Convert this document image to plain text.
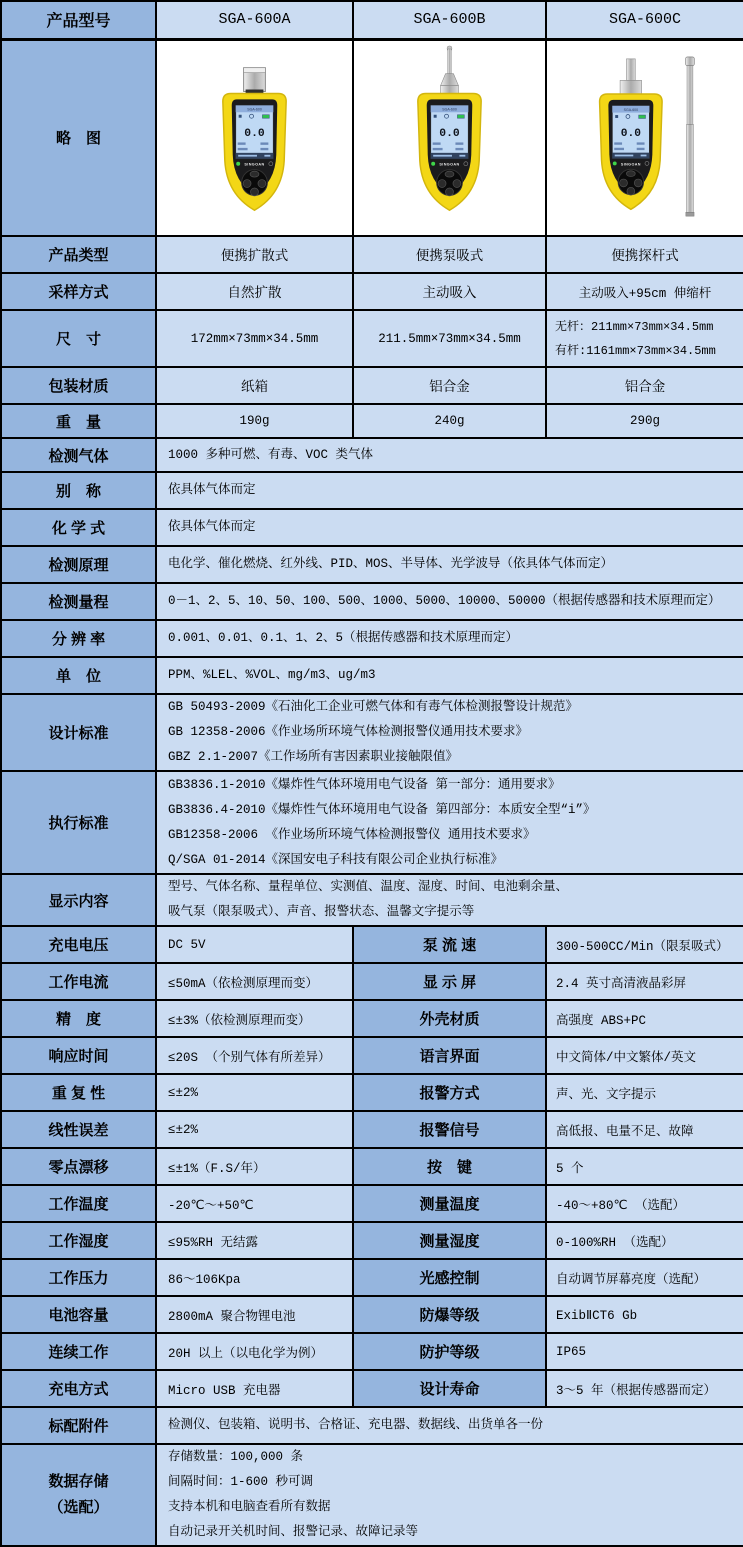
产品型号	SGA-600A	SGA-600B	SGA-600C
略　图	SGA-600
0.0
SINGOAN	SGA-600
0.0
SINGOAN	SGA-600
0.0
SINGOAN

产品类型	便携扩散式	便携泵吸式	便携探杆式
采样方式	自然扩散	主动吸入	主动吸入+95cm 伸缩杆
尺　寸	172mm×73mm×34.5mm	211.5mm×73mm×34.5mm	无杆：211mm×73mm×34.5mm
有杆:1161mm×73mm×34.5mm

包装材质	纸箱	铝合金	铝合金
重　量	190g	240g	290g
检测气体	1000 多种可燃、有毒、VOC 类气体		

别　称	依具体气体而定		

化 学 式	依具体气体而定		

检测原理	电化学、催化燃烧、红外线、PID、MOS、半导体、光学波导（依具体气体而定）		

检测量程	0－1、2、5、10、50、100、500、1000、5000、10000、50000（根据传感器和技术原理而定）		

分 辨 率	0.001、0.01、0.1、1、2、5（根据传感器和技术原理而定）		

单　位	PPM、%LEL、%VOL、mg/m3、ug/m3		

设计标准	GB 50493-2009《石油化工企业可燃气体和有毒气体检测报警设计规范》
GB 12358-2006《作业场所环境气体检测报警仪通用技术要求》
GBZ 2.1-2007《工作场所有害因素职业接触限值》		

执行标准	GB3836.1-2010《爆炸性气体环境用电气设备 第一部分：通用要求》
GB3836.4-2010《爆炸性气体环境用电气设备 第四部分：本质安全型“i”》
GB12358-2006 《作业场所环境气体检测报警仪 通用技术要求》
Q/SGA 01-2014《深国安电子科技有限公司企业执行标准》		

显示内容	型号、气体名称、量程单位、实测值、温度、湿度、时间、电池剩余量、
吸气泵（限泵吸式）、声音、报警状态、温馨文字提示等		

充电电压	DC 5V	泵 流 速	300-500CC/Min（限泵吸式）
工作电流	≤50mA（依检测原理而变）	显 示 屏	2.4 英寸高清液晶彩屏
精　度	≤±3%（依检测原理而变）	外壳材质	高强度 ABS+PC
响应时间	≤20S （个别气体有所差异）	语言界面	中文简体/中文繁体/英文
重 复 性	≤±2%	报警方式	声、光、文字提示
线性误差	≤±2%	报警信号	高低报、电量不足、故障
零点漂移	≤±1%（F.S/年）	按　键	5 个
工作温度	-20℃～+50℃	测量温度	-40～+80℃ （选配）
工作湿度	≤95%RH 无结露	测量湿度	0-100%RH （选配）
工作压力	86～106Kpa	光感控制	自动调节屏幕亮度（选配）
电池容量	2800mA 聚合物锂电池	防爆等级	ExibⅡCT6 Gb
连续工作	20H 以上（以电化学为例）	防护等级	IP65
充电方式	Micro USB 充电器	设计寿命	3～5 年（根据传感器而定）
标配附件	检测仪、包装箱、说明书、合格证、充电器、数据线、出货单各一份		

数据存储
（选配）

存储数量：100,000 条
间隔时间：1-600 秒可调
支持本机和电脑查看所有数据
自动记录开关机时间、报警记录、故障记录等
